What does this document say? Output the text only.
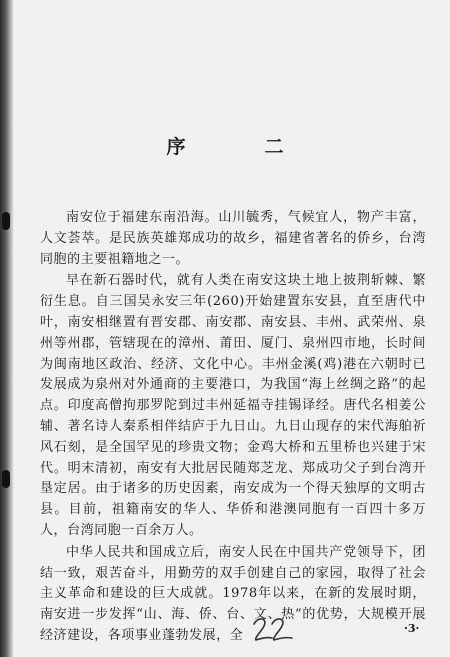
序　二

南安位于福建东南沿海。山川毓秀，气候宜人，物产丰富，人文荟萃。是民族英雄郑成功的故乡，福建省著名的侨乡，台湾同胞的主要祖籍地之一。

早在新石器时代，就有人类在南安这块土地上披荆斩棘、繁衍生息。自三国吴永安三年(260)开始建置东安县，直至唐代中叶，南安相继置有晋安郡、南安郡、南安县、丰州、武荣州、泉州等州郡，管辖现在的漳州、莆田、厦门、泉州四市地，长时间为闽南地区政治、经济、文化中心。丰州金溪(鸡)港在六朝时已发展成为泉州对外通商的主要港口，为我国“海上丝绸之路”的起点。印度高僧拘那罗陀到过丰州延福寺挂锡译经。唐代名相姜公辅、著名诗人秦系相伴结庐于九日山。九日山现存的宋代海舶祈风石刻，是全国罕见的珍贵文物；金鸡大桥和五里桥也兴建于宋代。明末清初，南安有大批居民随郑芝龙、郑成功父子到台湾开垦定居。由于诸多的历史因素，南安成为一个得天独厚的文明古县。目前，祖籍南安的华人、华侨和港澳同胞有一百四十多万人，台湾同胞一百余万人。

中华人民共和国成立后，南安人民在中国共产党领导下，团结一致，艰苦奋斗，用勤劳的双手创建自己的家园，取得了社会主义革命和建设的巨大成就。1978年以来，在新的发展时期，南安进一步发挥“山、海、侨、台、文、热”的优势，大规模开展经济建设，各项事业蓬勃发展，全	·3·
